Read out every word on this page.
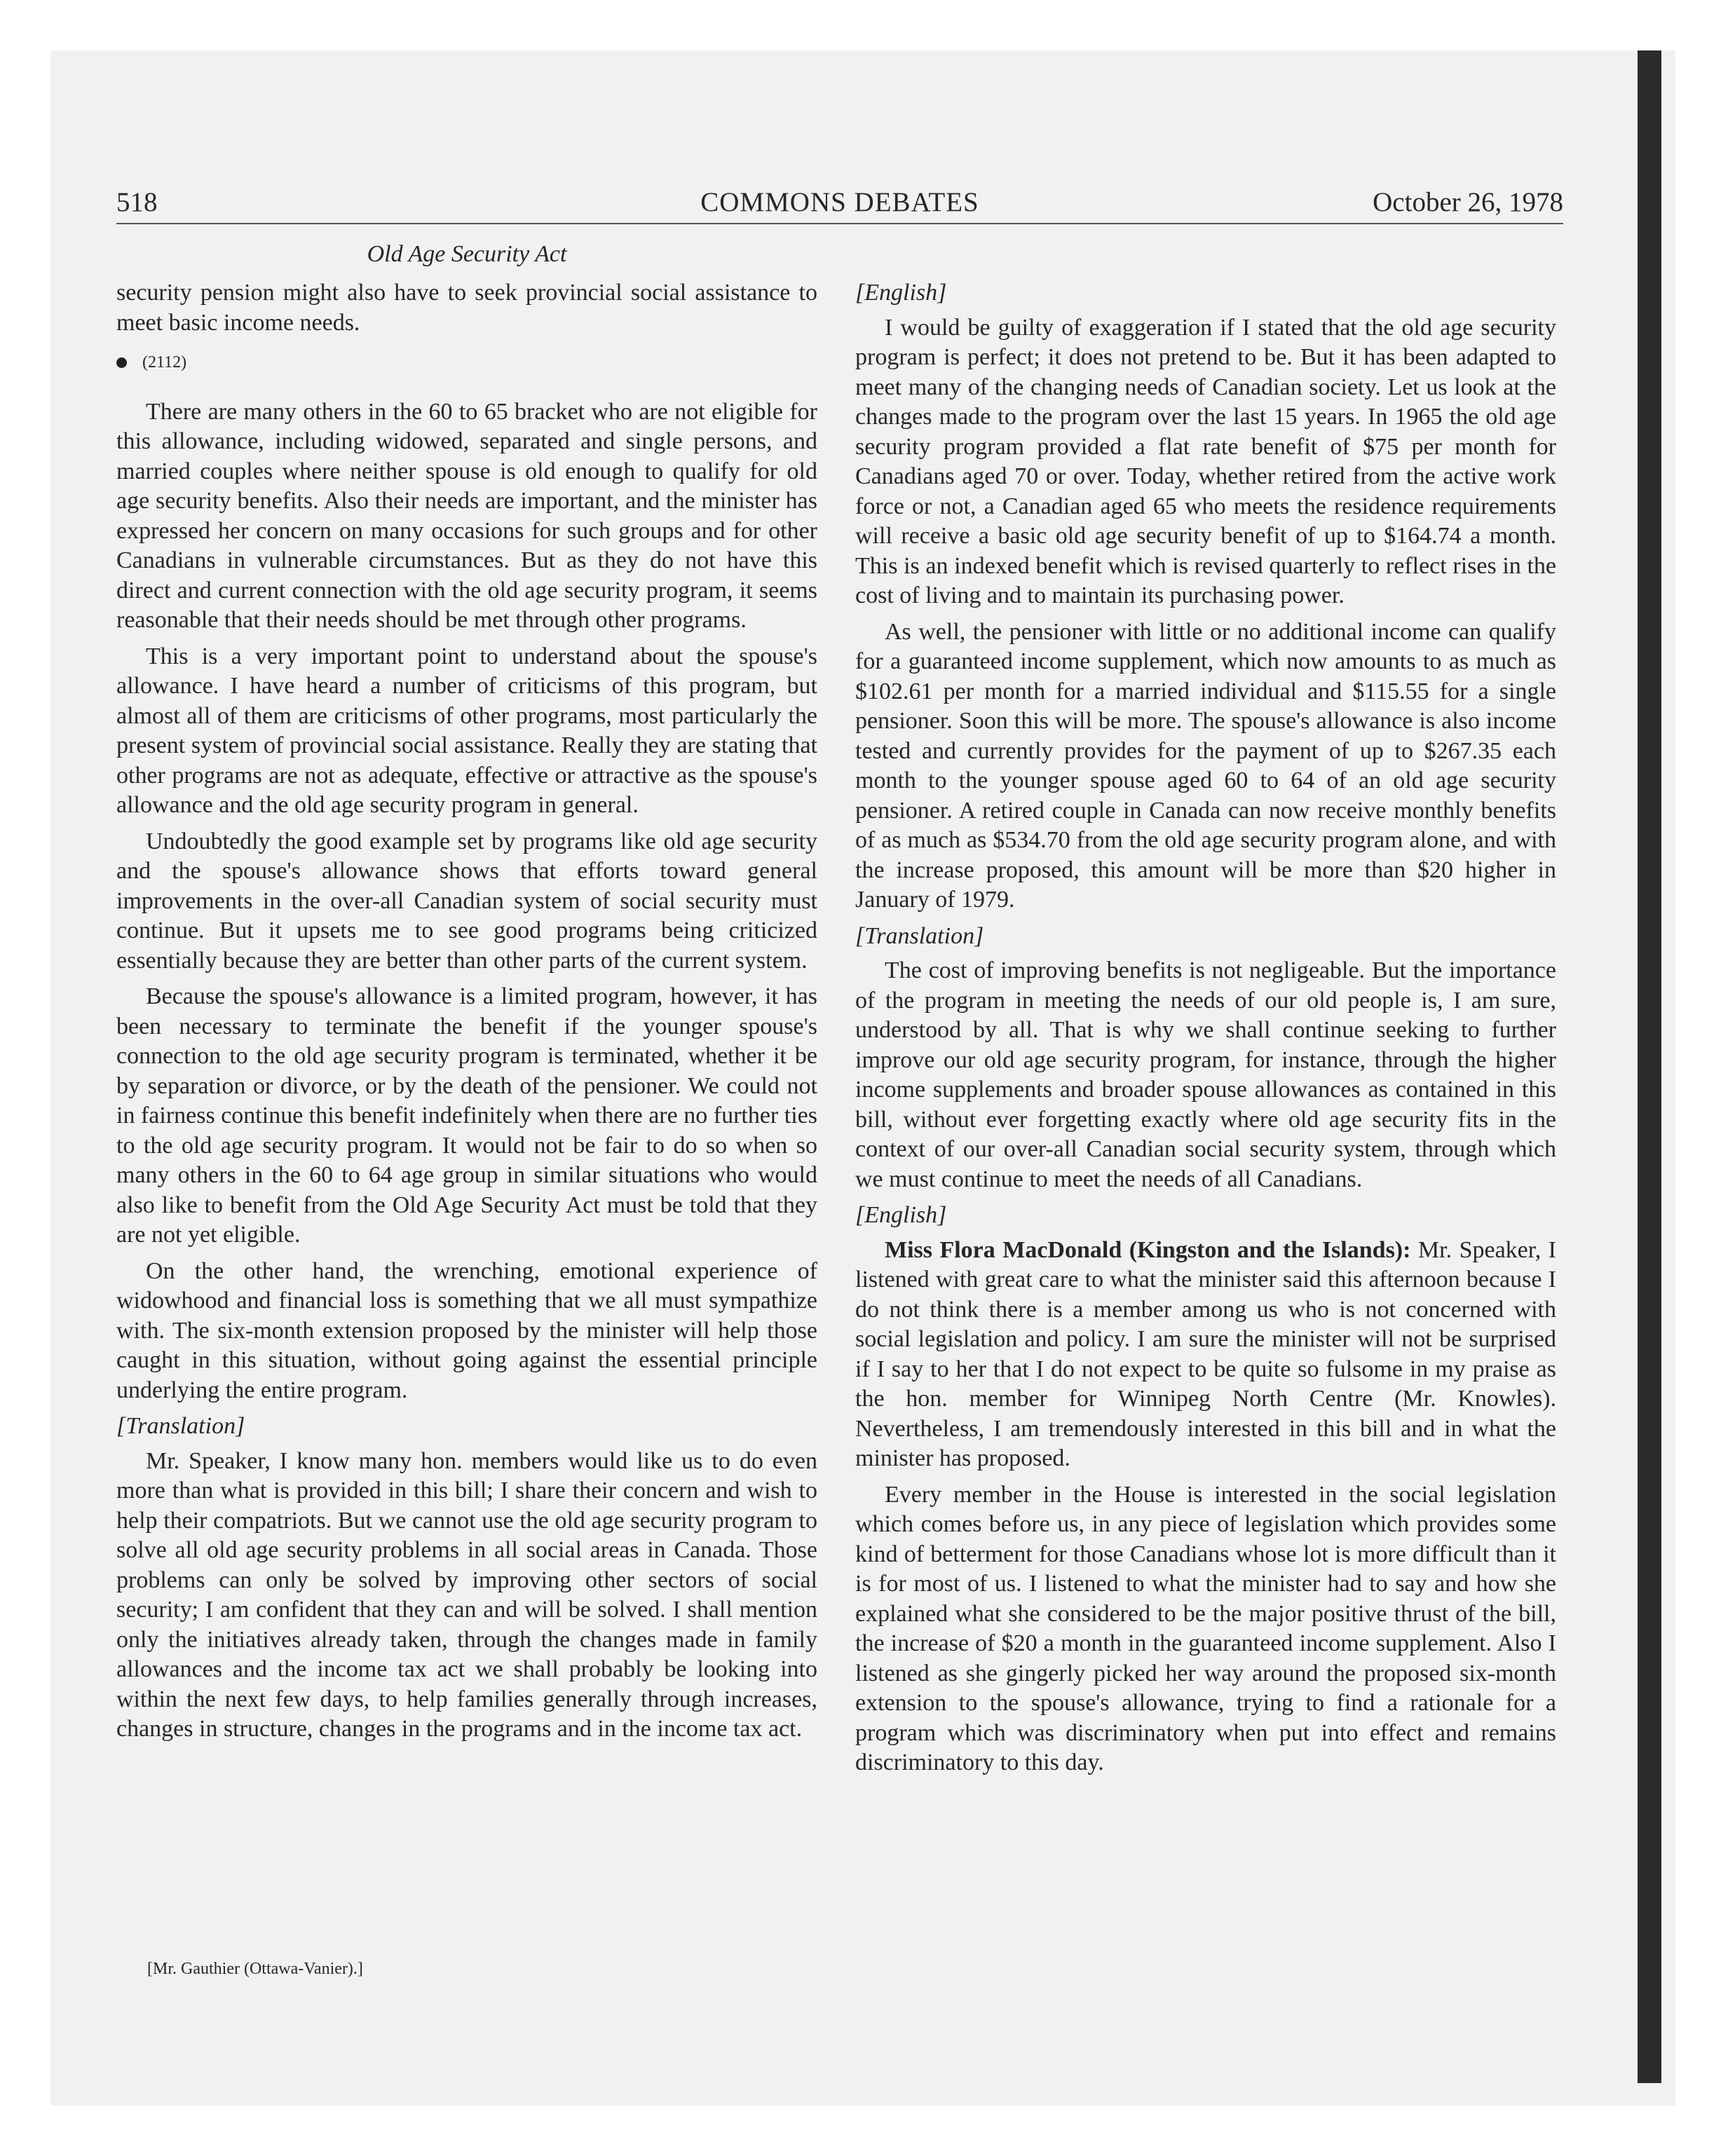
518	COMMONS DEBATES	October 26, 1978
Old Age Security Act

security pension might also have to seek provincial social assistance to meet basic income needs.

(2112)

There are many others in the 60 to 65 bracket who are not eligible for this allowance, including widowed, separated and single persons, and married couples where neither spouse is old enough to qualify for old age security benefits. Also their needs are important, and the minister has expressed her concern on many occasions for such groups and for other Canadians in vulnerable circumstances. But as they do not have this direct and current connection with the old age security program, it seems reasonable that their needs should be met through other programs.

This is a very important point to understand about the spouse's allowance. I have heard a number of criticisms of this program, but almost all of them are criticisms of other programs, most particularly the present system of provincial social assistance. Really they are stating that other programs are not as adequate, effective or attractive as the spouse's allowance and the old age security program in general.

Undoubtedly the good example set by programs like old age security and the spouse's allowance shows that efforts toward general improvements in the over-all Canadian system of social security must continue. But it upsets me to see good programs being criticized essentially because they are better than other parts of the current system.

Because the spouse's allowance is a limited program, however, it has been necessary to terminate the benefit if the younger spouse's connection to the old age security program is terminated, whether it be by separation or divorce, or by the death of the pensioner. We could not in fairness continue this benefit indefinitely when there are no further ties to the old age security program. It would not be fair to do so when so many others in the 60 to 64 age group in similar situations who would also like to benefit from the Old Age Security Act must be told that they are not yet eligible.

On the other hand, the wrenching, emotional experience of widowhood and financial loss is something that we all must sympathize with. The six-month extension proposed by the minister will help those caught in this situation, without going against the essential principle underlying the entire program.

[Translation]

Mr. Speaker, I know many hon. members would like us to do even more than what is provided in this bill; I share their concern and wish to help their compatriots. But we cannot use the old age security program to solve all old age security problems in all social areas in Canada. Those problems can only be solved by improving other sectors of social security; I am confident that they can and will be solved. I shall mention only the initiatives already taken, through the changes made in family allowances and the income tax act we shall probably be looking into within the next few days, to help families generally through increases, changes in structure, changes in the programs and in the income tax act.

[Mr. Gauthier (Ottawa-Vanier).]

[English]

I would be guilty of exaggeration if I stated that the old age security program is perfect; it does not pretend to be. But it has been adapted to meet many of the changing needs of Canadian society. Let us look at the changes made to the program over the last 15 years. In 1965 the old age security program provided a flat rate benefit of $75 per month for Canadians aged 70 or over. Today, whether retired from the active work force or not, a Canadian aged 65 who meets the residence requirements will receive a basic old age security benefit of up to $164.74 a month. This is an indexed benefit which is revised quarterly to reflect rises in the cost of living and to maintain its purchasing power.

As well, the pensioner with little or no additional income can qualify for a guaranteed income supplement, which now amounts to as much as $102.61 per month for a married individual and $115.55 for a single pensioner. Soon this will be more. The spouse's allowance is also income tested and currently provides for the payment of up to $267.35 each month to the younger spouse aged 60 to 64 of an old age security pensioner. A retired couple in Canada can now receive monthly benefits of as much as $534.70 from the old age security program alone, and with the increase proposed, this amount will be more than $20 higher in January of 1979.

[Translation]

The cost of improving benefits is not negligeable. But the importance of the program in meeting the needs of our old people is, I am sure, understood by all. That is why we shall continue seeking to further improve our old age security program, for instance, through the higher income supplements and broader spouse allowances as contained in this bill, without ever forgetting exactly where old age security fits in the context of our over-all Canadian social security system, through which we must continue to meet the needs of all Canadians.

[English]

Miss Flora MacDonald (Kingston and the Islands): Mr. Speaker, I listened with great care to what the minister said this afternoon because I do not think there is a member among us who is not concerned with social legislation and policy. I am sure the minister will not be surprised if I say to her that I do not expect to be quite so fulsome in my praise as the hon. member for Winnipeg North Centre (Mr. Knowles). Nevertheless, I am tremendously interested in this bill and in what the minister has proposed.

Every member in the House is interested in the social legislation which comes before us, in any piece of legislation which provides some kind of betterment for those Canadians whose lot is more difficult than it is for most of us. I listened to what the minister had to say and how she explained what she considered to be the major positive thrust of the bill, the increase of $20 a month in the guaranteed income supplement. Also I listened as she gingerly picked her way around the proposed six-month extension to the spouse's allowance, trying to find a rationale for a program which was discriminatory when put into effect and remains discriminatory to this day.
